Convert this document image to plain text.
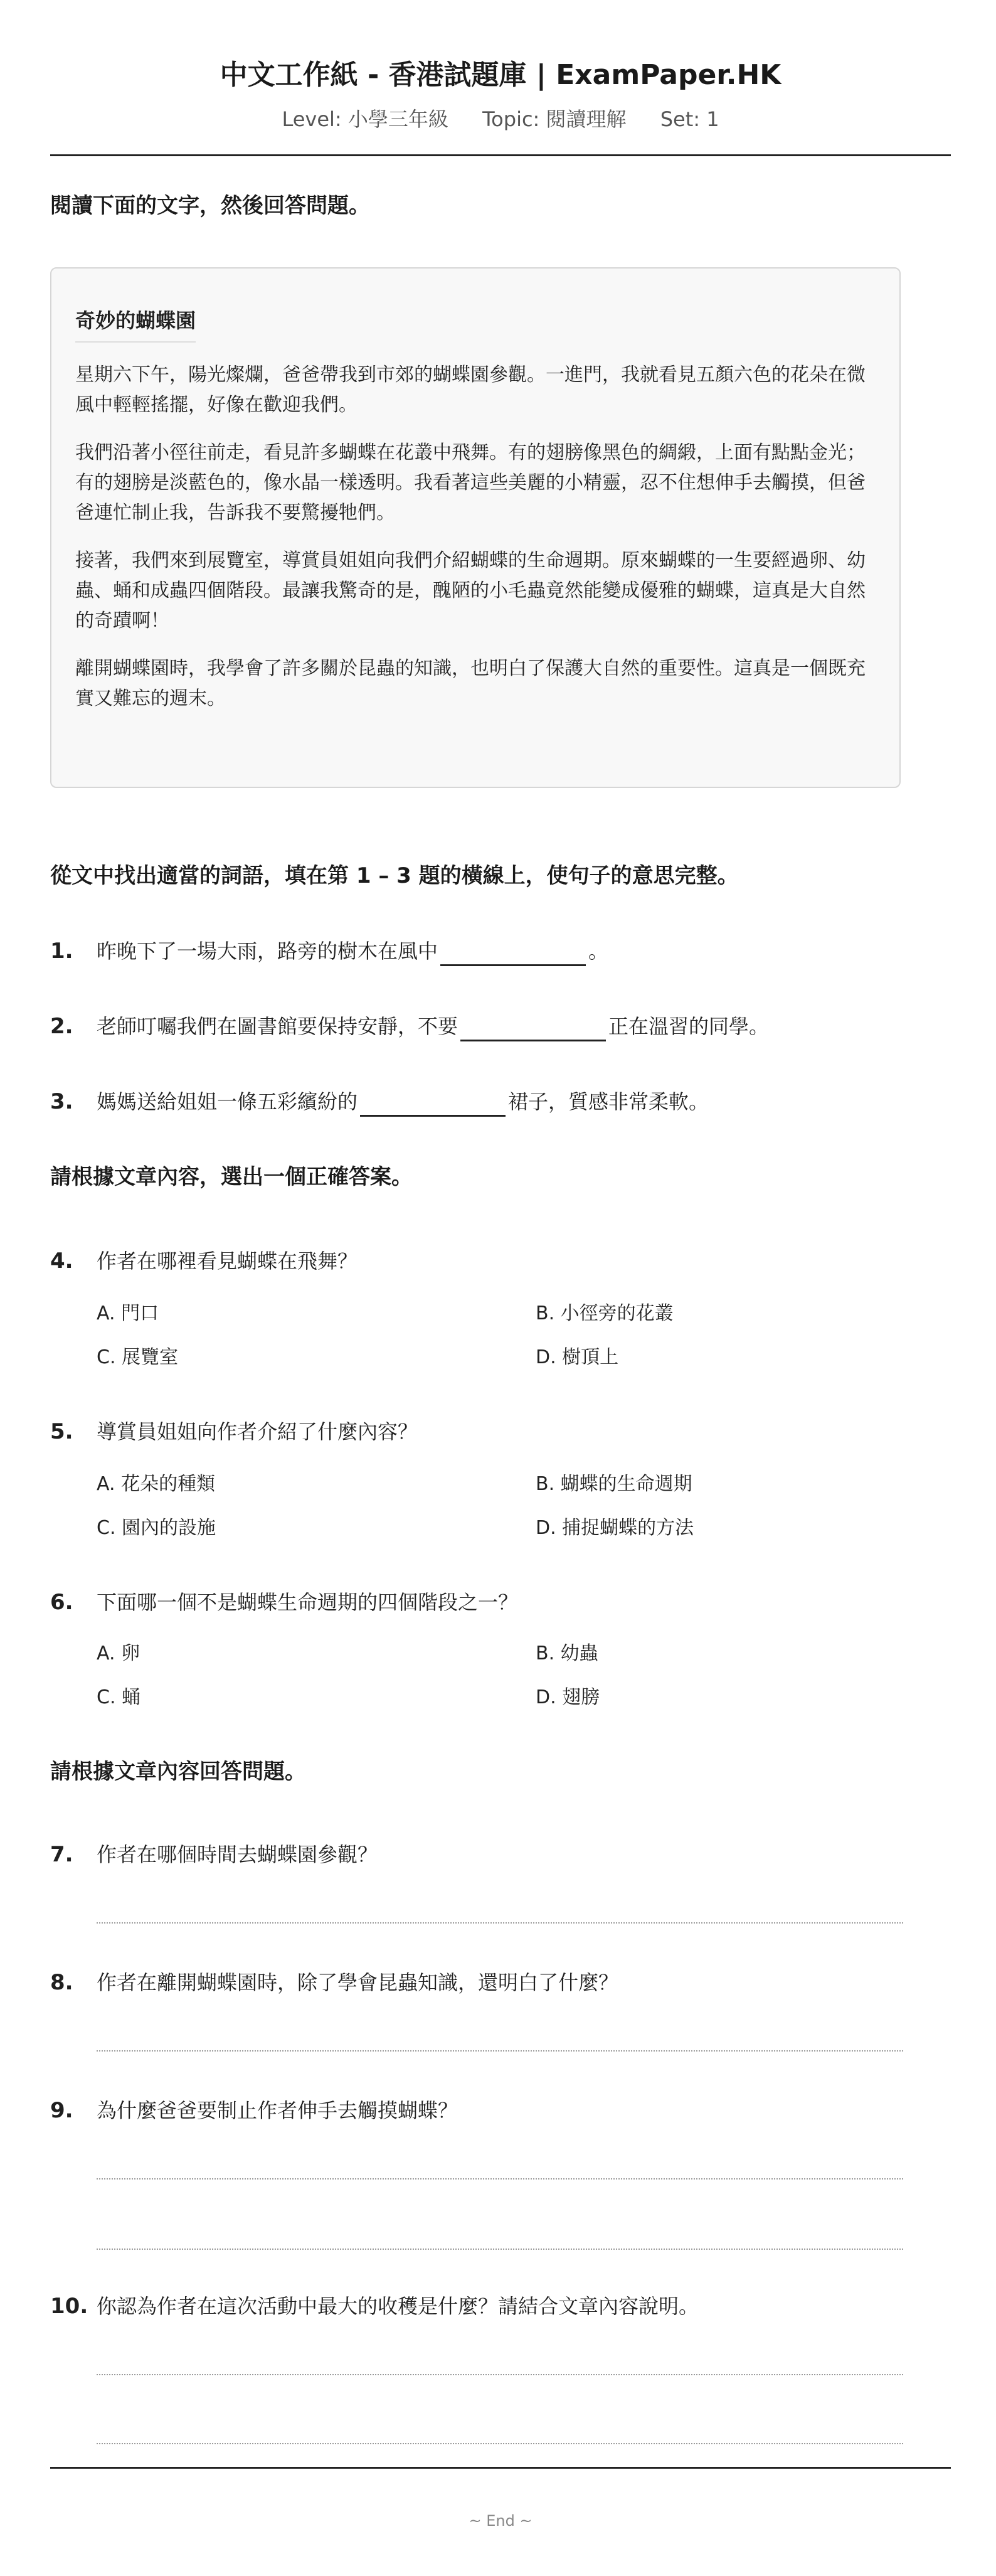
中文工作紙 - 香港試題庫 | ExamPaper.HK
Level: 小學三年級 Topic: 閱讀理解 Set: 1
閱讀下面的文字，然後回答問題。
奇妙的蝴蝶園

星期六下午，陽光燦爛，爸爸帶我到市郊的蝴蝶園參觀。一進門，我就看見五顏六色的花朵在微風中輕輕搖擺，好像在歡迎我們。

我們沿著小徑往前走，看見許多蝴蝶在花叢中飛舞。有的翅膀像黑色的綢緞，上面有點點金光；有的翅膀是淡藍色的，像水晶一樣透明。我看著這些美麗的小精靈，忍不住想伸手去觸摸，但爸爸連忙制止我，告訴我不要驚擾牠們。

接著，我們來到展覽室，導賞員姐姐向我們介紹蝴蝶的生命週期。原來蝴蝶的一生要經過卵、幼蟲、蛹和成蟲四個階段。最讓我驚奇的是，醜陋的小毛蟲竟然能變成優雅的蝴蝶，這真是大自然的奇蹟啊！

離開蝴蝶園時，我學會了許多關於昆蟲的知識，也明白了保護大自然的重要性。這真是一個既充實又難忘的週末。

從文中找出適當的詞語，填在第 1 – 3 題的橫線上，使句子的意思完整。
1. 昨晚下了一場大雨，路旁的樹木在風中	。
2. 老師叮囑我們在圖書館要保持安靜，不要	正在溫習的同學。
3. 媽媽送給姐姐一條五彩繽紛的	裙子，質感非常柔軟。
請根據文章內容，選出一個正確答案。
4. 作者在哪裡看見蝴蝶在飛舞？
A. 門口	B. 小徑旁的花叢
C. 展覽室	D. 樹頂上
5. 導賞員姐姐向作者介紹了什麼內容？
A. 花朵的種類	B. 蝴蝶的生命週期
C. 園內的設施	D. 捕捉蝴蝶的方法
6. 下面哪一個不是蝴蝶生命週期的四個階段之一？
A. 卵	B. 幼蟲
C. 蛹	D. 翅膀
請根據文章內容回答問題。
7. 作者在哪個時間去蝴蝶園參觀？
8. 作者在離開蝴蝶園時，除了學會昆蟲知識，還明白了什麼？
9. 為什麼爸爸要制止作者伸手去觸摸蝴蝶？
10. 你認為作者在這次活動中最大的收穫是什麼？請結合文章內容說明。
~ End ~
